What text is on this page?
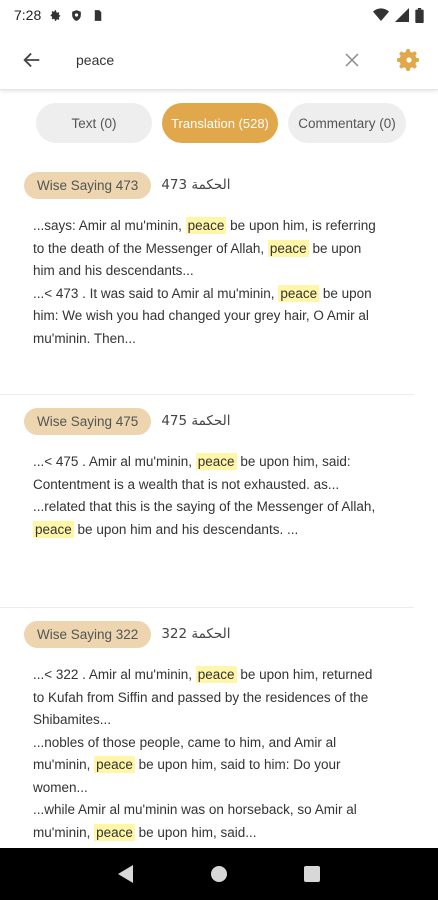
7:28
peace
Text (0)	Translation (528)	Commentary (0)
Wise Saying 473	473 الحكمة

...says: Amir al mu'minin, peace be upon him, is referring to the death of the Messenger of Allah, peace be upon him and his descendants...

...< 473 . It was said to Amir al mu'minin, peace be upon him: We wish you had changed your grey hair, O Amir al mu'minin. Then...

Wise Saying 475	475 الحكمة

...< 475 . Amir al mu'minin, peace be upon him, said: Contentment is a wealth that is not exhausted. as...

...related that this is the saying of the Messenger of Allah, peace be upon him and his descendants. ...

Wise Saying 322	322 الحكمة

...< 322 . Amir al mu'minin, peace be upon him, returned to Kufah from Siffin and passed by the residences of the Shibamites...

...nobles of those people, came to him, and Amir al mu'minin, peace be upon him, said to him: Do your women...

...while Amir al mu'minin was on horseback, so Amir al mu'minin, peace be upon him, said...
